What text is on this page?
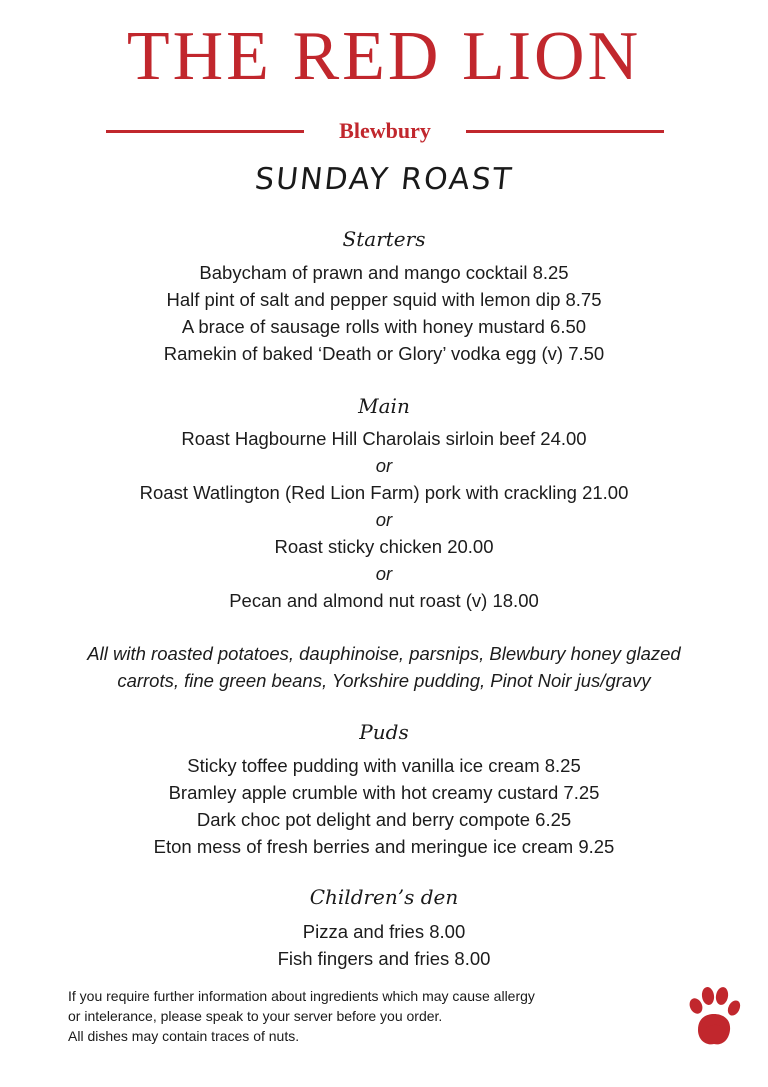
THE RED LION
Blewbury
SUNDAY ROAST
Starters
Babycham of prawn and mango cocktail 8.25
Half pint of salt and pepper squid with lemon dip 8.75
A brace of sausage rolls with honey mustard 6.50
Ramekin of baked ‘Death or Glory’ vodka egg (v) 7.50
Main
Roast Hagbourne Hill Charolais sirloin beef 24.00
or
Roast Watlington (Red Lion Farm) pork with crackling 21.00
or
Roast sticky chicken 20.00
or
Pecan and almond nut roast (v) 18.00
All with roasted potatoes, dauphinoise, parsnips, Blewbury honey glazed
carrots, fine green beans, Yorkshire pudding, Pinot Noir jus/gravy
Puds
Sticky toffee pudding with vanilla ice cream 8.25
Bramley apple crumble with hot creamy custard 7.25
Dark choc pot delight and berry compote 6.25
Eton mess of fresh berries and meringue ice cream 9.25
Children’s den
Pizza and fries 8.00
Fish fingers and fries 8.00
If you require further information about ingredients which may cause allergy
or intelerance, please speak to your server before you order.
All dishes may contain traces of nuts.
